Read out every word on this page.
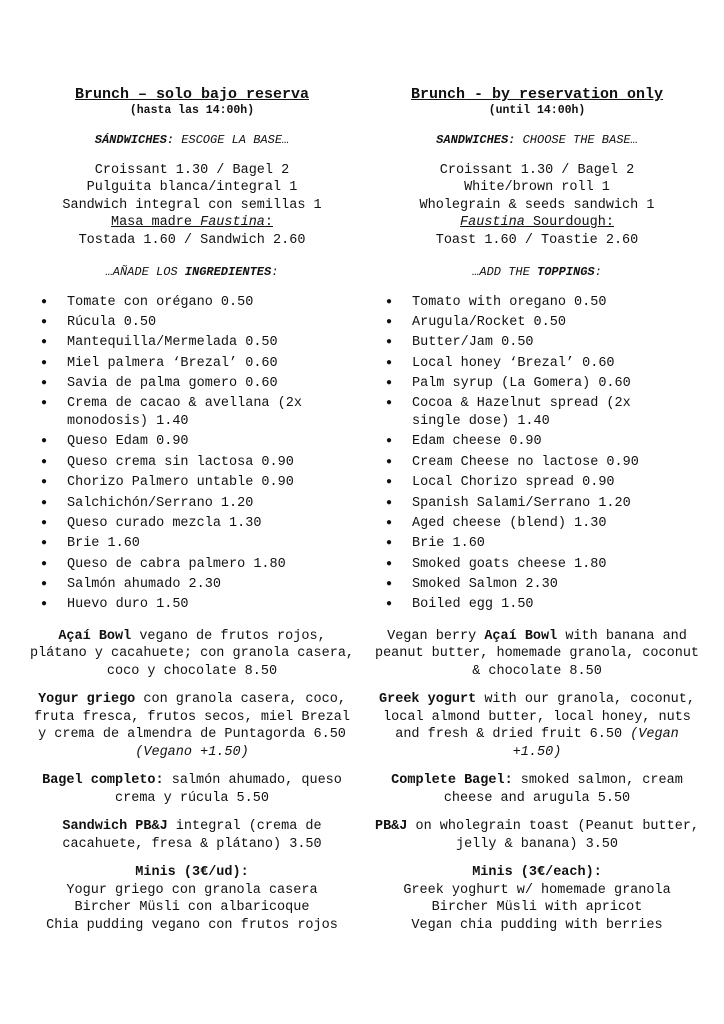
Brunch – solo bajo reserva
(hasta las 14:00h)
SÁNDWICHES: ESCOGE LA BASE…
Croissant 1.30 / Bagel 2
Pulguita blanca/integral 1
Sandwich integral con semillas 1
Masa madre Faustina:
Tostada 1.60 / Sandwich 2.60
…AÑADE LOS INGREDIENTES:
● Tomate con orégano 0.50
● Rúcula 0.50
● Mantequilla/Mermelada 0.50
● Miel palmera ‘Brezal’ 0.60
● Savia de palma gomero 0.60
● Crema de cacao & avellana (2x monodosis) 1.40
● Queso Edam 0.90
● Queso crema sin lactosa 0.90
● Chorizo Palmero untable 0.90
● Salchichón/Serrano 1.20
● Queso curado mezcla 1.30
● Brie 1.60
● Queso de cabra palmero 1.80
● Salmón ahumado 2.30
● Huevo duro 1.50
Açaí Bowl vegano de frutos rojos, plátano y cacahuete; con granola casera, coco y chocolate 8.50
Yogur griego con granola casera, coco, fruta fresca, frutos secos, miel Brezal y crema de almendra de Puntagorda 6.50 (Vegano +1.50)
Bagel completo: salmón ahumado, queso crema y rúcula 5.50
Sandwich PB&J integral (crema de cacahuete, fresa & plátano) 3.50
Minis (3€/ud):
Yogur griego con granola casera
Bircher Müsli con albaricoque
Chia pudding vegano con frutos rojos
Brunch - by reservation only
(until 14:00h)
SANDWICHES: CHOOSE THE BASE…
Croissant 1.30 / Bagel 2
White/brown roll 1
Wholegrain & seeds sandwich 1
Faustina Sourdough:
Toast 1.60 / Toastie 2.60
…ADD THE TOPPINGS:
● Tomato with oregano 0.50
● Arugula/Rocket 0.50
● Butter/Jam 0.50
● Local honey ‘Brezal’ 0.60
● Palm syrup (La Gomera) 0.60
● Cocoa & Hazelnut spread (2x single dose) 1.40
● Edam cheese 0.90
● Cream Cheese no lactose 0.90
● Local Chorizo spread 0.90
● Spanish Salami/Serrano 1.20
● Aged cheese (blend) 1.30
● Brie 1.60
● Smoked goats cheese 1.80
● Smoked Salmon 2.30
● Boiled egg 1.50
Vegan berry Açaí Bowl with banana and peanut butter, homemade granola, coconut & chocolate 8.50
Greek yogurt with our granola, coconut, local almond butter, local honey, nuts and fresh & dried fruit 6.50 (Vegan +1.50)
Complete Bagel: smoked salmon, cream cheese and arugula 5.50
PB&J on wholegrain toast (Peanut butter, jelly & banana) 3.50
Minis (3€/each):
Greek yoghurt w/ homemade granola
Bircher Müsli with apricot
Vegan chia pudding with berries
